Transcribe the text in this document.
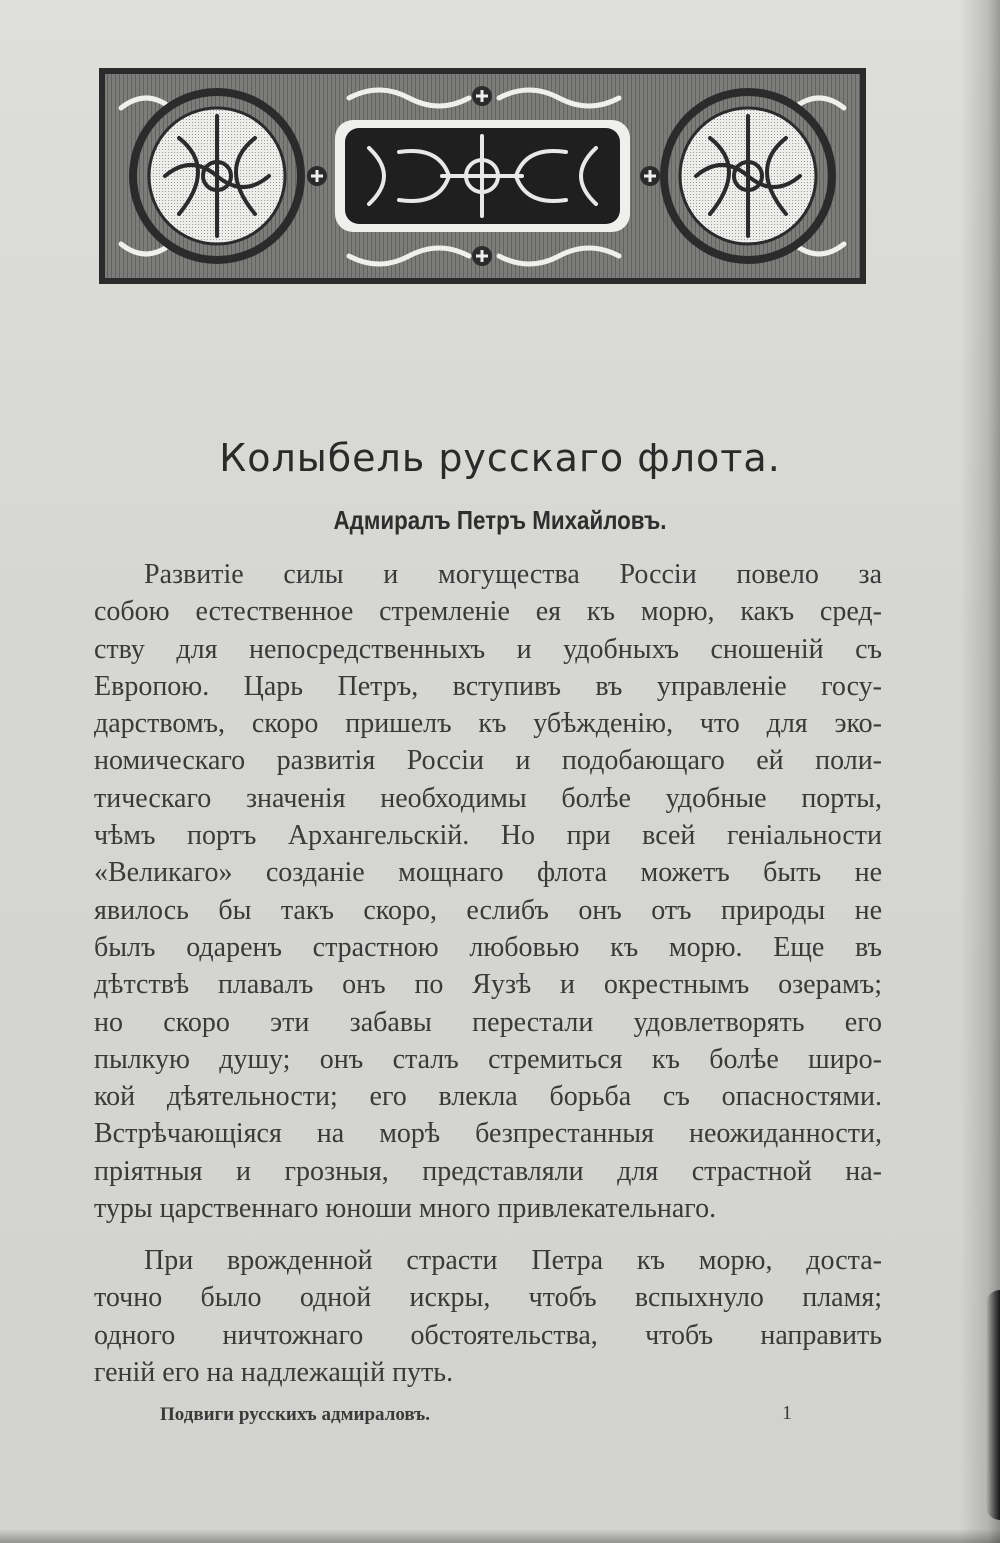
Колыбель русскаго флота.
Адмиралъ Петръ Михайловъ.

Развитіе силы и могущества Россіи повело за
собою естественное стремленіе ея къ морю, какъ сред-
ству для непосредственныхъ и удобныхъ сношеній съ
Европою. Царь Петръ, вступивъ въ управленіе госу-
дарствомъ, скоро пришелъ къ убѣжденію, что для эко-
номическаго развитія Россіи и подобающаго ей поли-
тическаго значенія необходимы болѣе удобные порты,
чѣмъ портъ Архангельскій. Но при всей геніальности
«Великаго» созданіе мощнаго флота можетъ быть не
явилось бы такъ скоро, еслибъ онъ отъ природы не
былъ одаренъ страстною любовью къ морю. Еще въ
дѣтствѣ плавалъ онъ по Яузѣ и окрестнымъ озерамъ;
но скоро эти забавы перестали удовлетворять его
пылкую душу; онъ сталъ стремиться къ болѣе широ-
кой дѣятельности; его влекла борьба съ опасностями.
Встрѣчающіяся на морѣ безпрестанныя неожиданности,
пріятныя и грозныя, представляли для страстной на-
туры царственнаго юноши много привлекательнаго.

При врожденной страсти Петра къ морю, доста-
точно было одной искры, чтобъ вспыхнуло пламя;
одного ничтожнаго обстоятельства, чтобъ направить
геній его на надлежащій путь.

Подвиги русскихъ адмираловъ.	1
